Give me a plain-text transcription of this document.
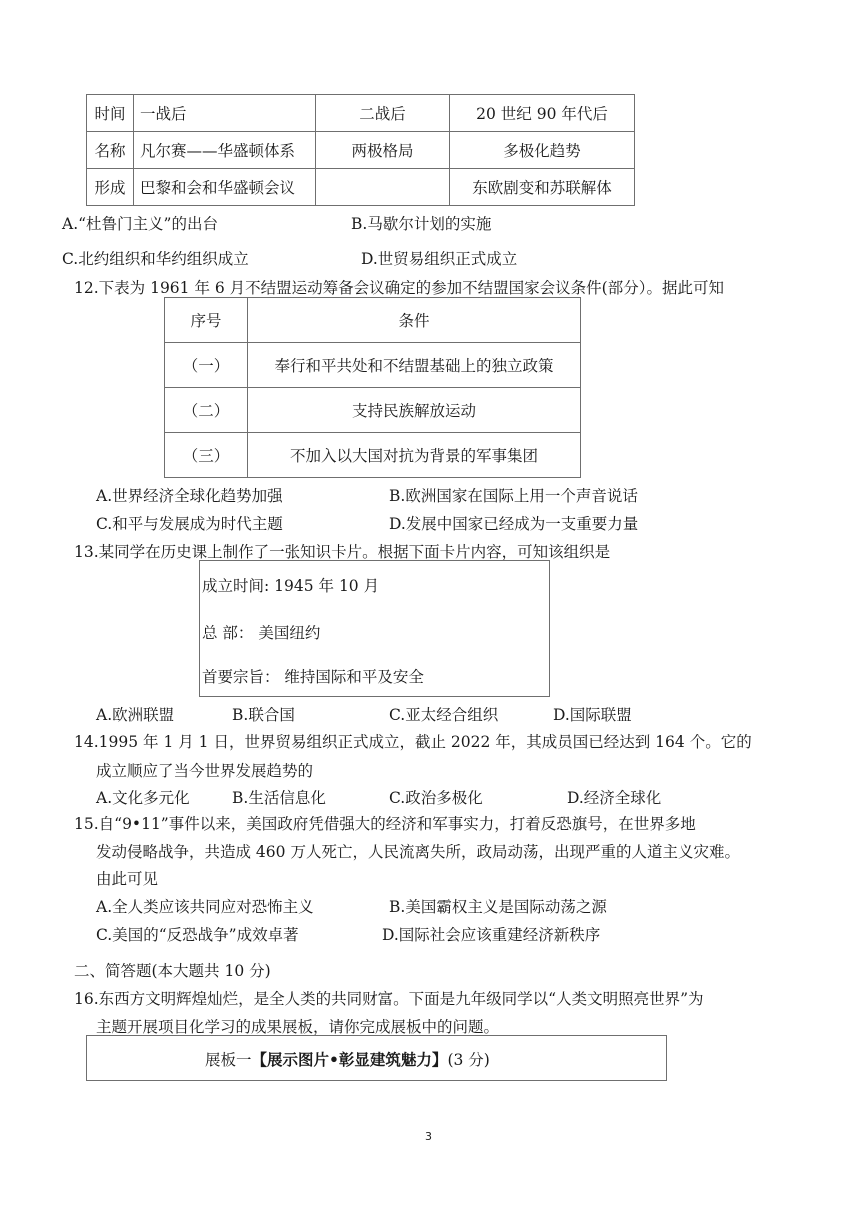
时间	一战后	二战后	20 世纪 90 年代后
名称	凡尔赛——华盛顿体系	两极格局	多极化趋势
形成	巴黎和会和华盛顿会议		东欧剧变和苏联解体
A.“杜鲁门主义”的出台	B.马歇尔计划的实施
C.北约组织和华约组织成立	D.世贸易组织正式成立
12.下表为 1961 年 6 月不结盟运动筹备会议确定的参加不结盟国家会议条件(部分）。据此可知
序号	条件
（一）	奉行和平共处和不结盟基础上的独立政策
（二）	支持民族解放运动
（三）	不加入以大国对抗为背景的军事集团
A.世界经济全球化趋势加强	B.欧洲国家在国际上用一个声音说话
C.和平与发展成为时代主题	D.发展中国家已经成为一支重要力量
13.某同学在历史课上制作了一张知识卡片。根据下面卡片内容，可知该组织是
成立时间: 1945 年 10 月
总 部： 美国纽约
首要宗旨： 维持国际和平及安全
A.欧洲联盟	B.联合国	C.亚太经合组织	D.国际联盟
14.1995 年 1 月 1 日，世界贸易组织正式成立，截止 2022 年，其成员国已经达到 164 个。它的
成立顺应了当今世界发展趋势的
A.文化多元化	B.生活信息化	C.政治多极化	D.经济全球化
15.自“9•11”事件以来，美国政府凭借强大的经济和军事实力，打着反恐旗号，在世界多地
发动侵略战争，共造成 460 万人死亡，人民流离失所，政局动荡，出现严重的人道主义灾难。
由此可见
A.全人类应该共同应对恐怖主义	B.美国霸权主义是国际动荡之源
C.美国的“反恐战争”成效卓著	D.国际社会应该重建经济新秩序
二、简答题(本大题共 10 分)
16.东西方文明辉煌灿烂，是全人类的共同财富。下面是九年级同学以“人类文明照亮世界”为
主题开展项目化学习的成果展板，请你完成展板中的问题。
展板一【展示图片•彰显建筑魅力】(3 分)
3
